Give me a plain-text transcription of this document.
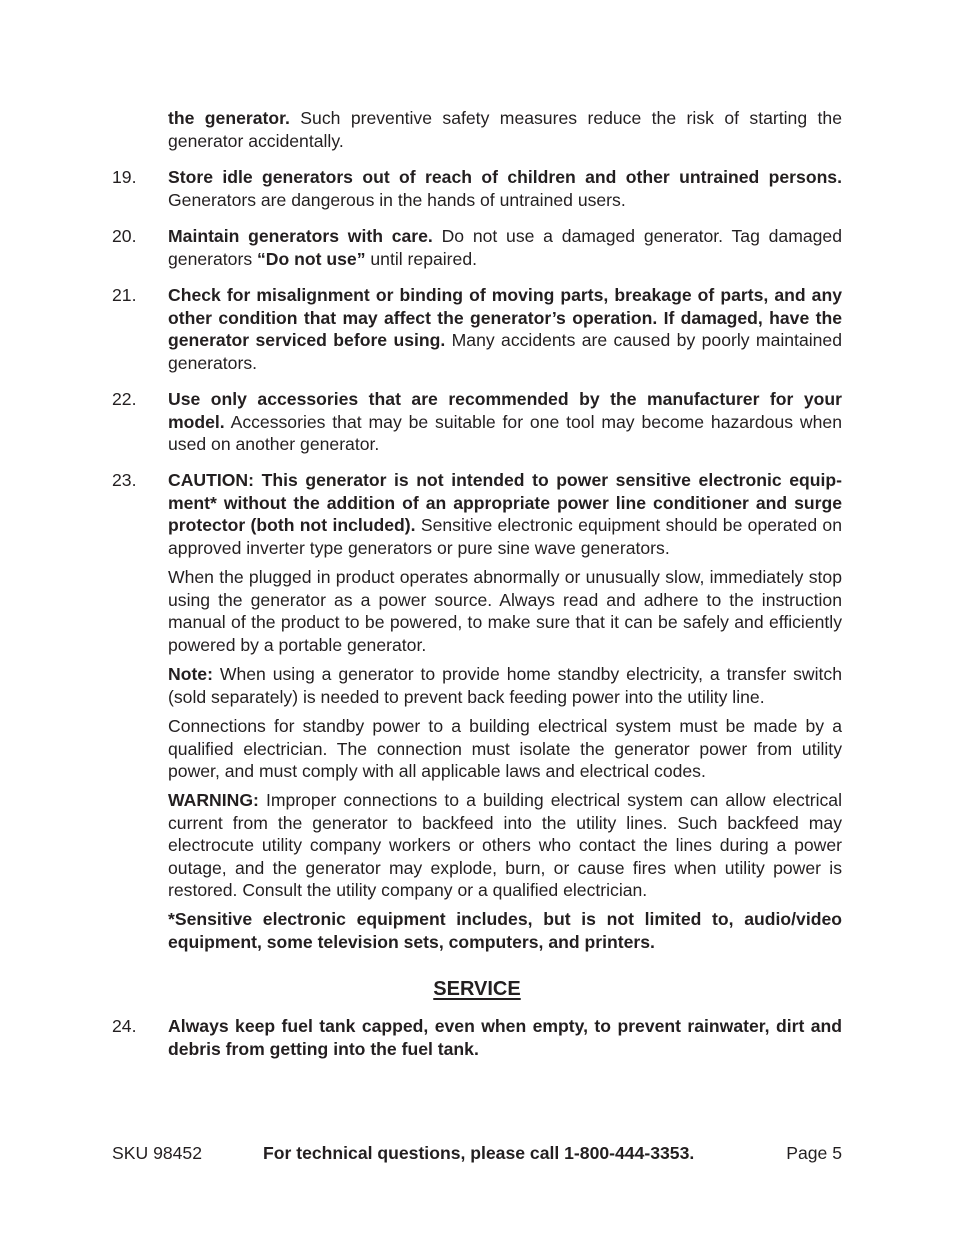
the generator. Such preventive safety measures reduce the risk of starting the generator accidentally.

19. Store idle generators out of reach of children and other untrained persons. Generators are dangerous in the hands of untrained users.

20. Maintain generators with care. Do not use a damaged generator. Tag damaged generators “Do not use” until repaired.

21. Check for misalignment or binding of moving parts, breakage of parts, and any other condition that may affect the generator’s operation. If damaged, have the generator serviced before using. Many accidents are caused by poorly maintained generators.

22. Use only accessories that are recommended by the manufacturer for your model. Accessories that may be suitable for one tool may become hazardous when used on another generator.

23. CAUTION: This generator is not intended to power sensitive electronic equip-ment* without the addition of an appropriate power line conditioner and surge protector (both not included). Sensitive electronic equipment should be operated on approved inverter type generators or pure sine wave generators.

When the plugged in product operates abnormally or unusually slow, immediately stop using the generator as a power source. Always read and adhere to the instruction manual of the product to be powered, to make sure that it can be safely and efficiently powered by a portable generator.

Note: When using a generator to provide home standby electricity, a transfer switch (sold separately) is needed to prevent back feeding power into the utility line.

Connections for standby power to a building electrical system must be made by a qualified electrician. The connection must isolate the generator power from utility power, and must comply with all applicable laws and electrical codes.

WARNING: Improper connections to a building electrical system can allow electrical current from the generator to backfeed into the utility lines. Such backfeed may electrocute utility company workers or others who contact the lines during a power outage, and the generator may explode, burn, or cause fires when utility power is restored. Consult the utility company or a qualified electrician.

*Sensitive electronic equipment includes, but is not limited to, audio/video equipment, some television sets, computers, and printers.

SERVICE

24. Always keep fuel tank capped, even when empty, to prevent rainwater, dirt and debris from getting into the fuel tank.

SKU 98452	For technical questions, please call 1-800-444-3353.	Page 5
